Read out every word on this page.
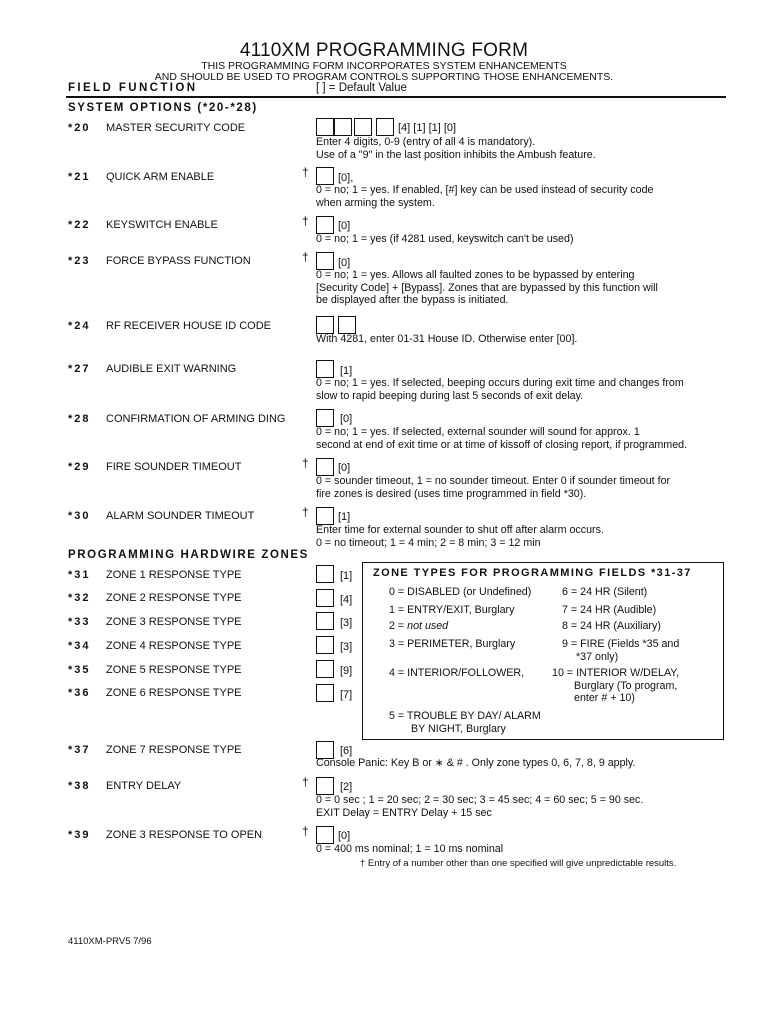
4110XM PROGRAMMING FORM
THIS PROGRAMMING FORM INCORPORATES SYSTEM ENHANCEMENTS
AND SHOULD BE USED TO PROGRAM CONTROLS SUPPORTING THOSE ENHANCEMENTS.
FIELD FUNCTION	[ ] = Default Value
SYSTEM OPTIONS (*20-*28)
*20 MASTER SECURITY CODE	[4] [1] [1] [0]
Enter 4 digits, 0-9 (entry of all 4 is mandatory).
Use of a "9" in the last position inhibits the Ambush feature.
*21 QUICK ARM ENABLE	†	[0],
0 = no; 1 = yes. If enabled, [#] key can be used instead of security code
when arming the system.
*22 KEYSWITCH ENABLE	†	[0]
0 = no; 1 = yes (if 4281 used, keyswitch can't be used)
*23 FORCE BYPASS FUNCTION	†	[0]
0 = no; 1 = yes. Allows all faulted zones to be bypassed by entering
[Security Code] + [Bypass]. Zones that are bypassed by this function will
be displayed after the bypass is initiated.
*24 RF RECEIVER HOUSE ID CODE
With 4281, enter 01-31 House ID. Otherwise enter [00].
*27 AUDIBLE EXIT WARNING	[1]
0 = no; 1 = yes. If selected, beeping occurs during exit time and changes from
slow to rapid beeping during last 5 seconds of exit delay.
*28 CONFIRMATION OF ARMING DING	[0]
0 = no; 1 = yes. If selected, external sounder will sound for approx. 1
second at end of exit time or at time of kissoff of closing report, if programmed.
*29 FIRE SOUNDER TIMEOUT	†	[0]
0 = sounder timeout, 1 = no sounder timeout. Enter 0 if sounder timeout for
fire zones is desired (uses time programmed in field *30).
*30 ALARM SOUNDER TIMEOUT	†	[1]
Enter time for external sounder to shut off after alarm occurs.
0 = no timeout; 1 = 4 min; 2 = 8 min; 3 = 12 min
PROGRAMMING HARDWIRE ZONES
*31 ZONE 1 RESPONSE TYPE	[1]
*32 ZONE 2 RESPONSE TYPE	[4]
*33 ZONE 3 RESPONSE TYPE	[3]
*34 ZONE 4 RESPONSE TYPE	[3]
*35 ZONE 5 RESPONSE TYPE	[9]
*36 ZONE 6 RESPONSE TYPE	[7]
ZONE TYPES FOR PROGRAMMING FIELDS *31-37
0 = DISABLED (or Undefined)
1 = ENTRY/EXIT, Burglary
2 = not used
3 = PERIMETER, Burglary
4 = INTERIOR/FOLLOWER,
5 = TROUBLE BY DAY/ ALARM
BY NIGHT, Burglary
6 = 24 HR (Silent)
7 = 24 HR (Audible)
8 = 24 HR (Auxiliary)
9 = FIRE (Fields *35 and
*37 only)
10 = INTERIOR W/DELAY,
Burglary (To program,
enter # + 10)
*37 ZONE 7 RESPONSE TYPE	[6]
Console Panic: Key B or ∗ & # . Only zone types 0, 6, 7, 8, 9 apply.
*38 ENTRY DELAY	†	[2]
0 = 0 sec ; 1 = 20 sec; 2 = 30 sec; 3 = 45 sec; 4 = 60 sec; 5 = 90 sec.
EXIT Delay = ENTRY Delay + 15 sec
*39 ZONE 3 RESPONSE TO OPEN	†	[0]
0 = 400 ms nominal; 1 = 10 ms nominal
† Entry of a number other than one specified will give unpredictable results.
4110XM-PRV5 7/96
